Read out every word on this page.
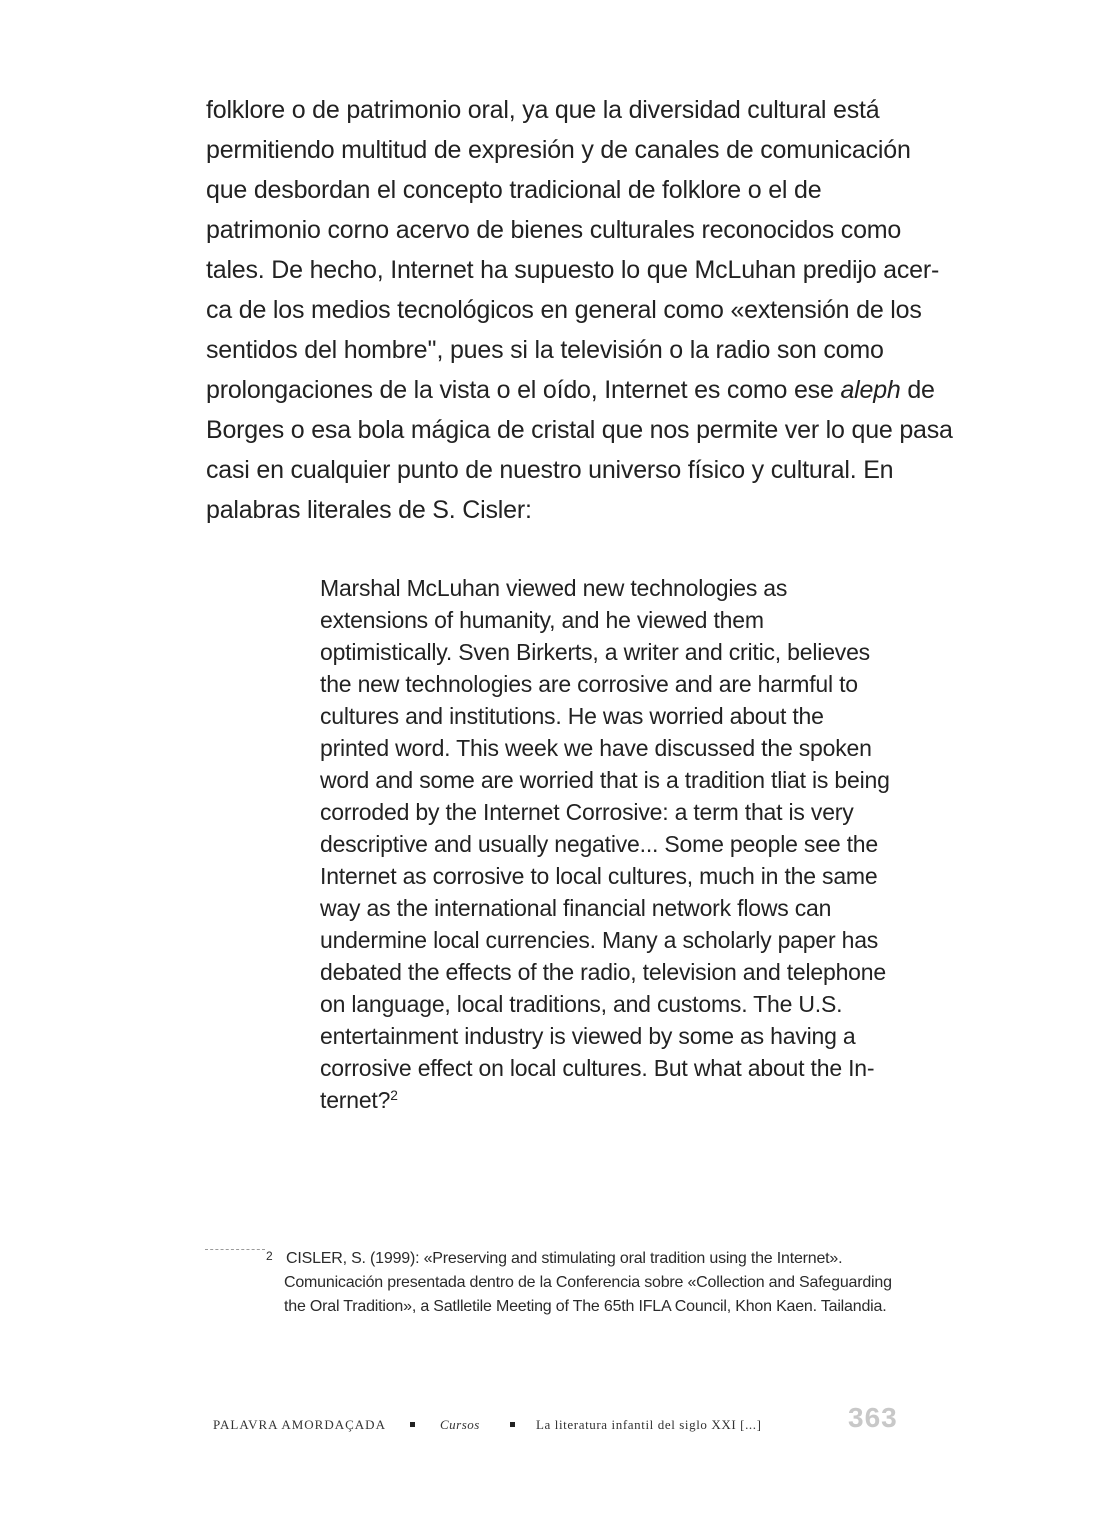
folklore o de patrimonio oral, ya que la diversidad cultural está
permitiendo multitud de expresión y de canales de comunicación
que desbordan el concepto tradicional de folklore o el de
patrimonio corno acervo de bienes culturales reconocidos como
tales. De hecho, Internet ha supuesto lo que McLuhan predijo acer-
ca de los medios tecnológicos en general como «extensión de los
sentidos del hombre'', pues si la televisión o la radio son como
prolongaciones de la vista o el oído, Internet es como ese aleph de
Borges o esa bola mágica de cristal que nos permite ver lo que pasa
casi en cualquier punto de nuestro universo físico y cultural. En
palabras literales de S. Cisler:
Marshal McLuhan viewed new technologies as
extensions of humanity, and he viewed them
optimistically. Sven Birkerts, a writer and critic, believes
the new technologies are corrosive and are harmful to
cultures and institutions. He was worried about the
printed word. This week we have discussed the spoken
word and some are worried that is a tradition tliat is being
corroded by the Internet Corrosive: a term that is very
descriptive and usually negative... Some people see the
Internet as corrosive to local cultures, much in the same
way as the international financial network flows can
undermine local currencies. Many a scholarly paper has
debated the effects of the radio, television and telephone
on language, local traditions, and customs. The U.S.
entertainment industry is viewed by some as having a
corrosive effect on local cultures. But what about the In-
ternet?$^2$
2 CISLER, S. (1999): «Preserving and stimulating oral tradition using the Internet».
Comunicación presentada dentro de la Conferencia sobre «Collection and Safeguarding
the Oral Tradition», a Satlletile Meeting of The 65th IFLA Council, Khon Kaen. Tailandia.
PALAVRA AMORDAÇADA	Cursos	La literatura infantil del siglo XXI [...]	363
